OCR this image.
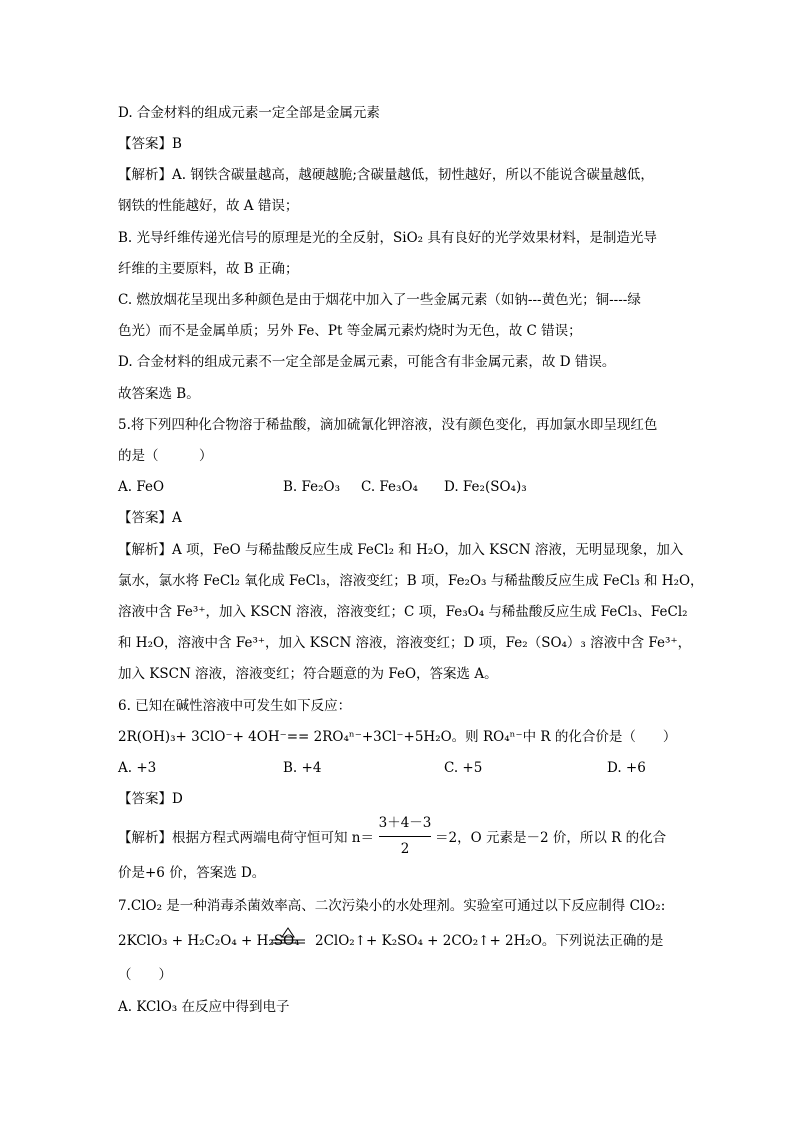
D. 合金材料的组成元素一定全部是金属元素
【答案】B
【解析】A. 钢铁含碳量越高，越硬越脆;含碳量越低，韧性越好，所以不能说含碳量越低，
钢铁的性能越好，故 A 错误；
B. 光导纤维传递光信号的原理是光的全反射，SiO₂ 具有良好的光学效果材料，是制造光导
纤维的主要原料，故 B 正确；
C. 燃放烟花呈现出多种颜色是由于烟花中加入了一些金属元素（如钠---黄色光；铜----绿
色光）而不是金属单质；另外 Fe、Pt 等金属元素灼烧时为无色，故 C 错误；
D. 合金材料的组成元素不一定全部是金属元素，可能含有非金属元素，故 D 错误。
故答案选 B。
5.将下列四种化合物溶于稀盐酸，滴加硫氰化钾溶液，没有颜色变化，再加氯水即呈现红色
的是（　　　）
A. FeO	B. Fe₂O₃ C. Fe₃O₄ D. Fe₂(SO₄)₃
【答案】A
【解析】A 项，FeO 与稀盐酸反应生成 FeCl₂ 和 H₂O，加入 KSCN 溶液，无明显现象，加入
氯水，氯水将 FeCl₂ 氧化成 FeCl₃，溶液变红；B 项，Fe₂O₃ 与稀盐酸反应生成 FeCl₃ 和 H₂O，
溶液中含 Fe³⁺，加入 KSCN 溶液，溶液变红；C 项，Fe₃O₄ 与稀盐酸反应生成 FeCl₃、FeCl₂
和 H₂O，溶液中含 Fe³⁺，加入 KSCN 溶液，溶液变红；D 项，Fe₂（SO₄）₃ 溶液中含 Fe³⁺，
加入 KSCN 溶液，溶液变红；符合题意的为 FeO，答案选 A。
6. 已知在碱性溶液中可发生如下反应：
2R(OH)₃+ 3ClO⁻+ 4OH⁻== 2RO₄ⁿ⁻+3Cl⁻+5H₂O。则 RO₄ⁿ⁻中 R 的化合价是（　　）
A. +3	B. +4	C. +5	D. +6
【答案】D
【解析】根据方程式两端电荷守恒可知 n＝
3＋4－3
2
＝2，O 元素是－2 价，所以 R 的化合
价是+6 价，答案选 D。
7.ClO₂ 是一种消毒杀菌效率高、二次污染小的水处理剂。实验室可通过以下反应制得 ClO₂:
2KClO₃ + H₂C₂O₄ + H₂SO₄ 2ClO₂↑+ K₂SO₄ + 2CO₂↑+ 2H₂O。下列说法正确的是
（　　）
A. KClO₃ 在反应中得到电子
